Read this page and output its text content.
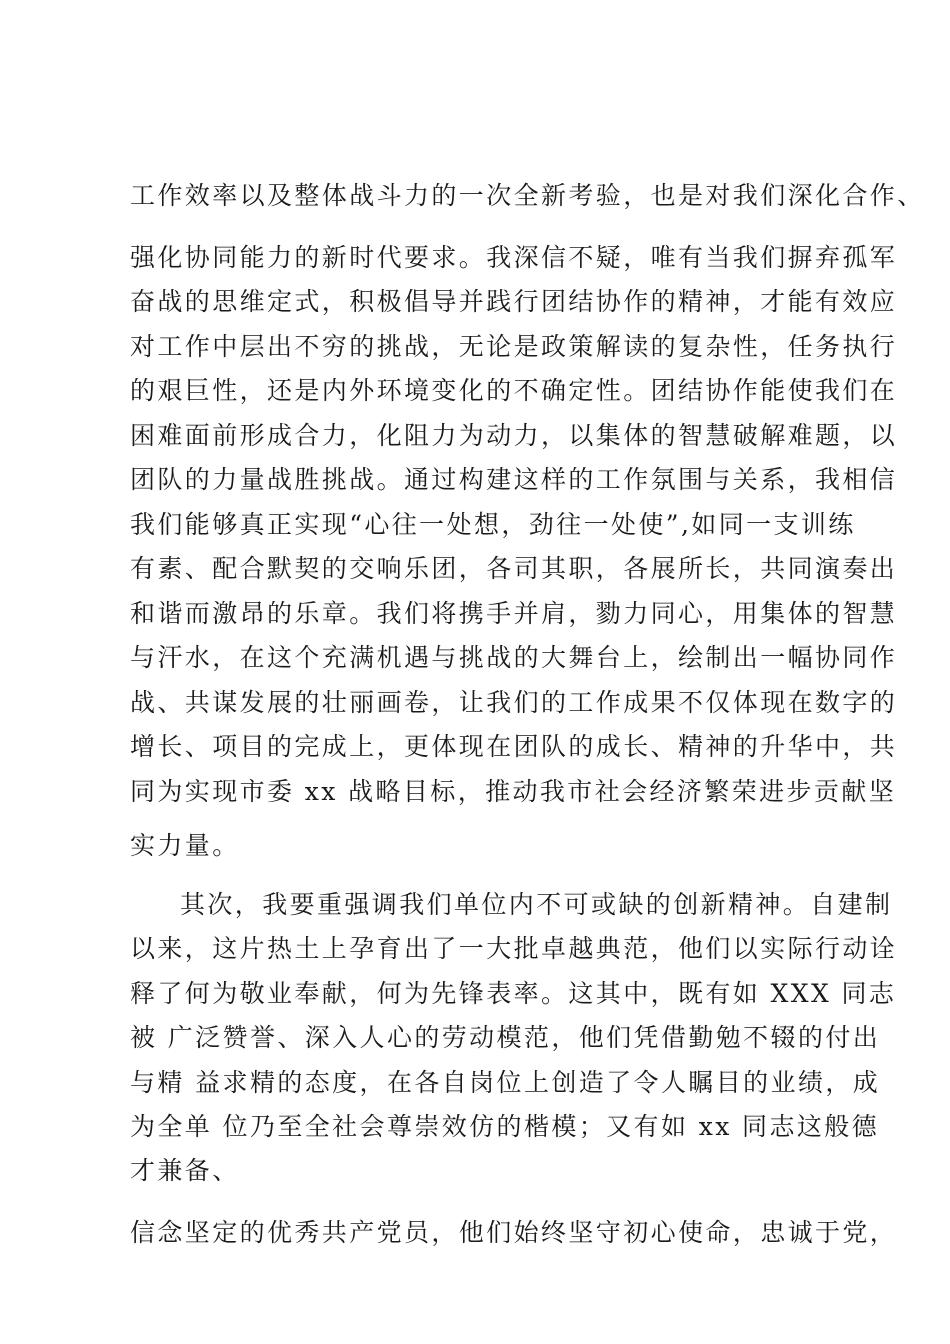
工作效率以及整体战斗力的一次全新考验，也是对我们深化合作、
强化协同能力的新时代要求。我深信不疑，唯有当我们摒弃孤军
奋战的思维定式，积极倡导并践行团结协作的精神，才能有效应
对工作中层出不穷的挑战，无论是政策解读的复杂性，任务执行
的艰巨性，还是内外环境变化的不确定性。团结协作能使我们在
困难面前形成合力，化阻力为动力，以集体的智慧破解难题，以
团队的力量战胜挑战。通过构建这样的工作氛围与关系，我相信
我们能够真正实现“心往一处想，劲往一处使”,如同一支训练
有素、配合默契的交响乐团，各司其职，各展所长，共同演奏出
和谐而激昂的乐章。我们将携手并肩，勠力同心，用集体的智慧
与汗水，在这个充满机遇与挑战的大舞台上，绘制出一幅协同作
战、共谋发展的壮丽画卷，让我们的工作成果不仅体现在数字的
增长、项目的完成上，更体现在团队的成长、精神的升华中，共
同为实现市委 xx 战略目标，推动我市社会经济繁荣进步贡献坚
实力量。
其次，我要重强调我们单位内不可或缺的创新精神。自建制
以来，这片热土上孕育出了一大批卓越典范，他们以实际行动诠
释了何为敬业奉献，何为先锋表率。这其中，既有如 XXX 同志
被 广泛赞誉、深入人心的劳动模范，他们凭借勤勉不辍的付出
与精 益求精的态度，在各自岗位上创造了令人瞩目的业绩，成
为全单 位乃至全社会尊崇效仿的楷模；又有如 xx 同志这般德
才兼备、
信念坚定的优秀共产党员，他们始终坚守初心使命，忠诚于党，
